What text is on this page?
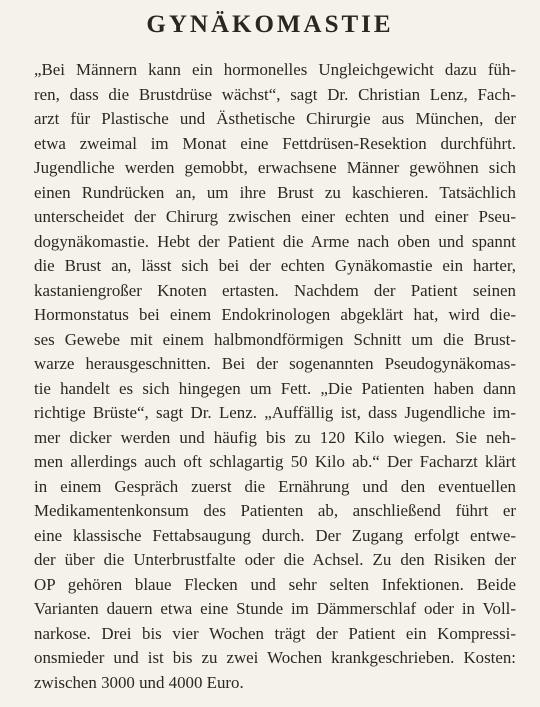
GYNÄKOMASTIE
„Bei Männern kann ein hormonelles Ungleichgewicht dazu füh-
ren, dass die Brustdrüse wächst“, sagt Dr. Christian Lenz, Fach-
arzt für Plastische und Ästhetische Chirurgie aus München, der
etwa zweimal im Monat eine Fettdrüsen-Resektion durchführt.
Jugendliche werden gemobbt, erwachsene Männer gewöhnen sich
einen Rundrücken an, um ihre Brust zu kaschieren. Tatsächlich
unterscheidet der Chirurg zwischen einer echten und einer Pseu-
dogynäkomastie. Hebt der Patient die Arme nach oben und spannt
die Brust an, lässt sich bei der echten Gynäkomastie ein harter,
kastaniengroßer Knoten ertasten. Nachdem der Patient seinen
Hormonstatus bei einem Endokrinologen abgeklärt hat, wird die-
ses Gewebe mit einem halbmondförmigen Schnitt um die Brust-
warze herausgeschnitten. Bei der sogenannten Pseudogynäkomas-
tie handelt es sich hingegen um Fett. „Die Patienten haben dann
richtige Brüste“, sagt Dr. Lenz. „Auffällig ist, dass Jugendliche im-
mer dicker werden und häufig bis zu 120 Kilo wiegen. Sie neh-
men allerdings auch oft schlagartig 50 Kilo ab.“ Der Facharzt klärt
in einem Gespräch zuerst die Ernährung und den eventuellen
Medikamentenkonsum des Patienten ab, anschließend führt er
eine klassische Fettabsaugung durch. Der Zugang erfolgt entwe-
der über die Unterbrustfalte oder die Achsel. Zu den Risiken der
OP gehören blaue Flecken und sehr selten Infektionen. Beide
Varianten dauern etwa eine Stunde im Dämmerschlaf oder in Voll-
narkose. Drei bis vier Wochen trägt der Patient ein Kompressi-
onsmieder und ist bis zu zwei Wochen krankgeschrieben. Kosten:
zwischen 3000 und 4000 Euro.
